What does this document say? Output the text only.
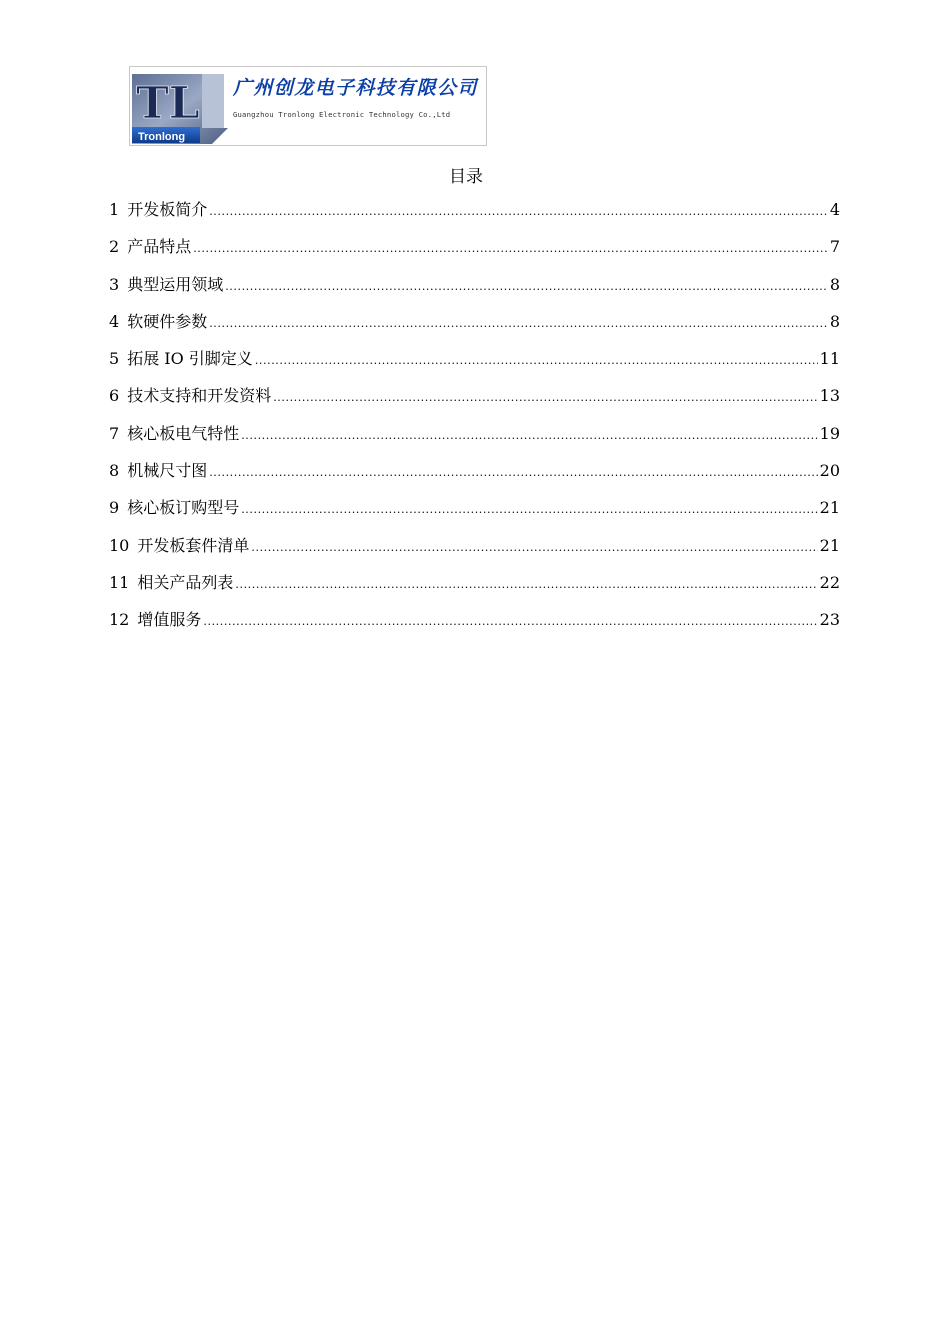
TL
Tronlong
广州创龙电子科技有限公司
Guangzhou Tronlong Electronic Technology Co.,Ltd
目录
1 开发板简介 .....	4
2 产品特点 .....	7
3 典型运用领域 .....	8
4 软硬件参数 .....	8
5 拓展 IO 引脚定义 .....	11
6 技术支持和开发资料 .....	13
7 核心板电气特性 .....	19
8 机械尺寸图 .....	20
9 核心板订购型号 .....	21
10 开发板套件清单 .....	21
11 相关产品列表 .....	22
12 增值服务 .....	23
